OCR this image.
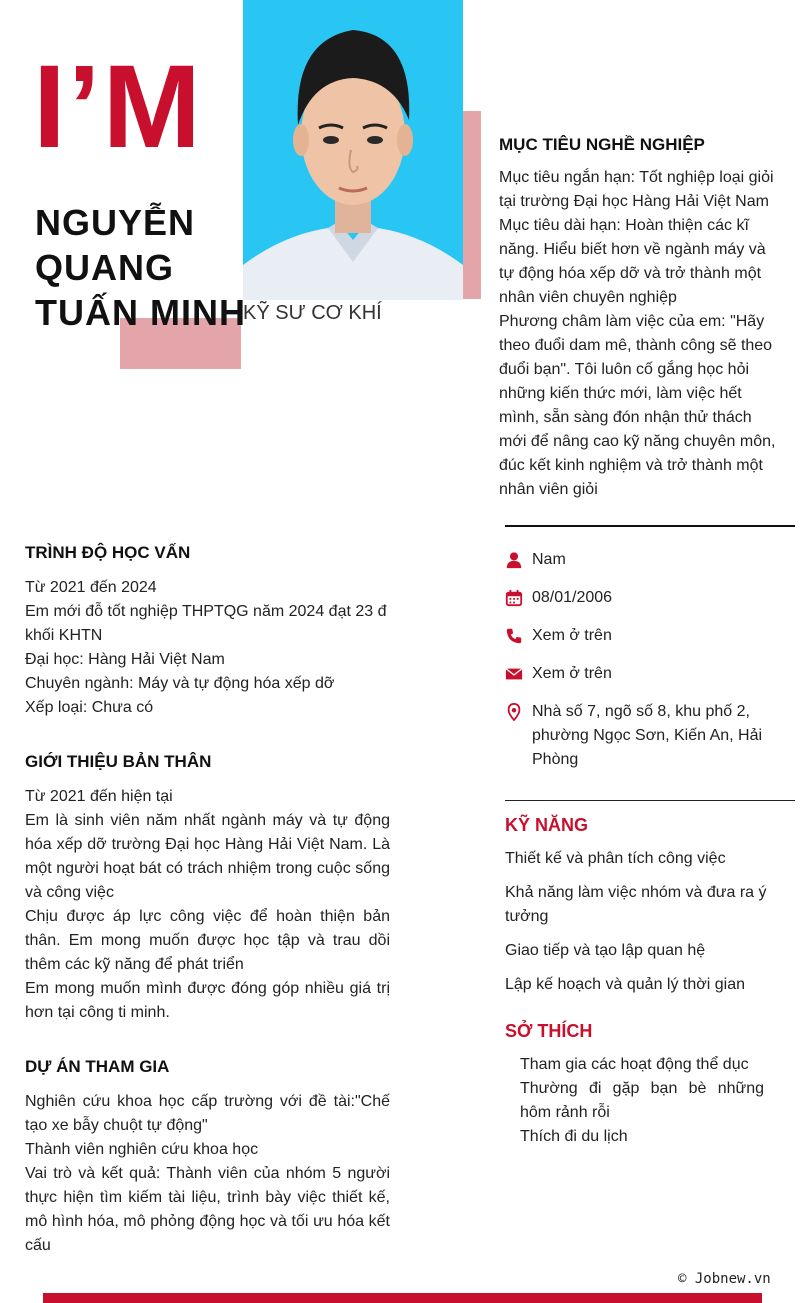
I’M
NGUYỄN
QUANG
TUẤN MINH
KỸ SƯ CƠ KHÍ
MỤC TIÊU NGHỀ NGHIỆP
Mục tiêu ngắn hạn: Tốt nghiệp loại giỏi tại trường Đại học Hàng Hải Việt Nam
Mục tiêu dài hạn: Hoàn thiện các kĩ năng. Hiểu biết hơn về ngành máy và tự động hóa xếp dỡ và trở thành một nhân viên chuyên nghiệp
Phương châm làm việc của em: "Hãy theo đuổi dam mê, thành công sẽ theo đuổi bạn". Tôi luôn cố gắng học hỏi những kiến thức mới, làm việc hết mình, sẵn sàng đón nhận thử thách mới để nâng cao kỹ năng chuyên môn, đúc kết kinh nghiệm và trở thành một nhân viên giỏi
Nam
08/01/2006
Xem ở trên
Xem ở trên
Nhà số 7, ngõ số 8, khu phố 2, phường Ngọc Sơn, Kiến An, Hải Phòng
TRÌNH ĐỘ HỌC VẤN
Từ 2021 đến 2024
Em mới đỗ tốt nghiệp THPTQG năm 2024 đạt 23 đ khối KHTN
Đại học: Hàng Hải Việt Nam
Chuyên ngành: Máy và tự động hóa xếp dỡ
Xếp loại: Chưa có
GIỚI THIỆU BẢN THÂN
Từ 2021 đến hiện tại
Em là sinh viên năm nhất ngành máy và tự động hóa xếp dỡ trường Đại học Hàng Hải Việt Nam. Là một người hoạt bát có trách nhiệm trong cuộc sống và công việc
Chịu được áp lực công việc để hoàn thiện bản thân. Em mong muốn được học tập và trau dồi thêm các kỹ năng để phát triển
Em mong muốn mình được đóng góp nhiều giá trị hơn tại công ti minh.
DỰ ÁN THAM GIA
Nghiên cứu khoa học cấp trường với đề tài:"Chế tạo xe bẫy chuột tự động"
Thành viên nghiên cứu khoa học
Vai trò và kết quả: Thành viên của nhóm 5 người thực hiện tìm kiếm tài liệu, trình bày việc thiết kế, mô hình hóa, mô phỏng động học và tối ưu hóa kết cấu
KỸ NĂNG
Thiết kế và phân tích công việc
Khả năng làm việc nhóm và đưa ra ý tưởng
Giao tiếp và tạo lập quan hệ
Lập kế hoạch và quản lý thời gian
SỞ THÍCH
Tham gia các hoạt động thể dục
Thường đi gặp bạn bè những hôm rảnh rỗi
Thích đi du lịch
© Jobnew.vn
